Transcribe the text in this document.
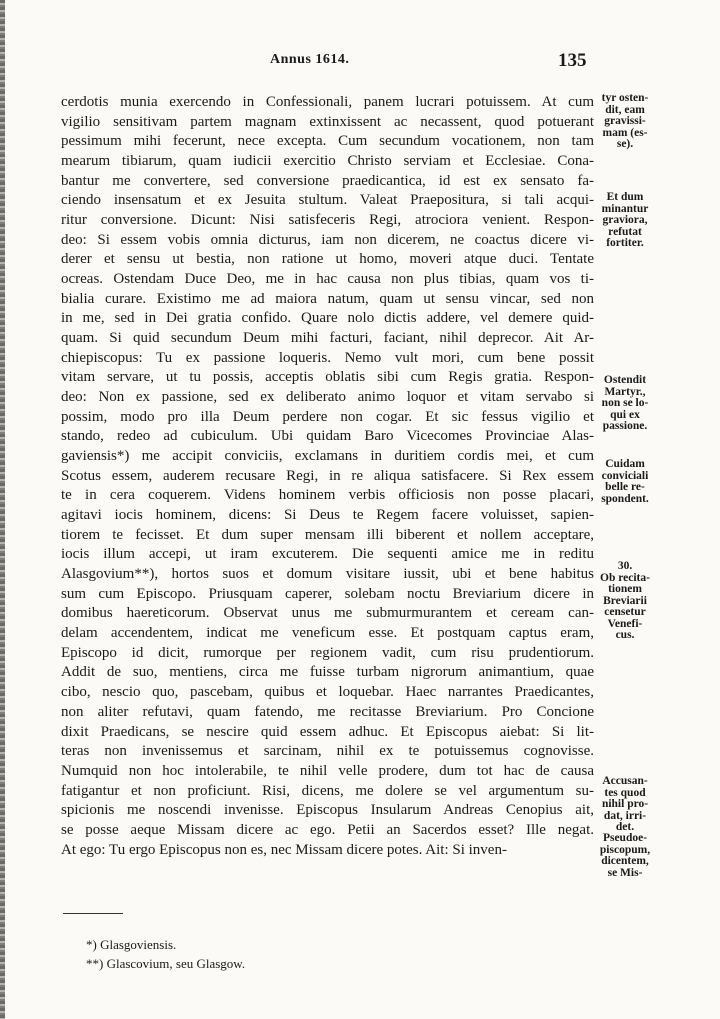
Annus 1614.	135
cerdotis munia exercendo in Confessionali, panem lucrari potuissem. At cum
vigilio sensitivam partem magnam extinxissent ac necassent, quod potuerant
pessimum mihi fecerunt, nece excepta. Cum secundum vocationem, non tam
mearum tibiarum, quam iudicii exercitio Christo serviam et Ecclesiae. Cona-
bantur me convertere, sed conversione praedicantica, id est ex sensato fa-
ciendo insensatum et ex Jesuita stultum. Valeat Praepositura, si tali acqui-
ritur conversione. Dicunt: Nisi satisfeceris Regi, atrociora venient. Respon-
deo: Si essem vobis omnia dicturus, iam non dicerem, ne coactus dicere vi-
derer et sensu ut bestia, non ratione ut homo, moveri atque duci. Tentate
ocreas. Ostendam Duce Deo, me in hac causa non plus tibias, quam vos ti-
bialia curare. Existimo me ad maiora natum, quam ut sensu vincar, sed non
in me, sed in Dei gratia confido. Quare nolo dictis addere, vel demere quid-
quam. Si quid secundum Deum mihi facturi, faciant, nihil deprecor. Ait Ar-
chiepiscopus: Tu ex passione loqueris. Nemo vult mori, cum bene possit
vitam servare, ut tu possis, acceptis oblatis sibi cum Regis gratia. Respon-
deo: Non ex passione, sed ex deliberato animo loquor et vitam servabo si
possim, modo pro illa Deum perdere non cogar. Et sic fessus vigilio et
stando, redeo ad cubiculum. Ubi quidam Baro Vicecomes Provinciae Alas-
gaviensis*) me accipit conviciis, exclamans in duritiem cordis mei, et cum
Scotus essem, auderem recusare Regi, in re aliqua satisfacere. Si Rex essem
te in cera coquerem. Videns hominem verbis officiosis non posse placari,
agitavi iocis hominem, dicens: Si Deus te Regem facere voluisset, sapien-
tiorem te fecisset. Et dum super mensam illi biberent et nollem acceptare,
iocis illum accepi, ut iram excuterem. Die sequenti amice me in reditu
Alasgovium**), hortos suos et domum visitare iussit, ubi et bene habitus
sum cum Episcopo. Priusquam caperer, solebam noctu Breviarium dicere in
domibus haereticorum. Observat unus me submurmurantem et ceream can-
delam accendentem, indicat me veneficum esse. Et postquam captus eram,
Episcopo id dicit, rumorque per regionem vadit, cum risu prudentiorum.
Addit de suo, mentiens, circa me fuisse turbam nigrorum animantium, quae
cibo, nescio quo, pascebam, quibus et loquebar. Haec narrantes Praedicantes,
non aliter refutavi, quam fatendo, me recitasse Breviarium. Pro Concione
dixit Praedicans, se nescire quid essem adhuc. Et Episcopus aiebat: Si lit-
teras non invenissemus et sarcinam, nihil ex te potuissemus cognovisse.
Numquid non hoc intolerabile, te nihil velle prodere, dum tot hac de causa
fatigantur et non proficiunt. Risi, dicens, me dolere se vel argumentum su-
spicionis me noscendi invenisse. Episcopus Insularum Andreas Cenopius ait,
se posse aeque Missam dicere ac ego. Petii an Sacerdos esset? Ille negat.
At ego: Tu ergo Episcopus non es, nec Missam dicere potes. Ait: Si inven-
tyr osten-
dit, eam
gravissi-
mam (es-
se).
Et dum
minantur
graviora,
refutat
fortiter.
Ostendit
Martyr.,
non se lo-
qui ex
passione.
Cuidam
conviciali
belle re-
spondent.
30.
Ob recita-
tionem
Breviarii
censetur
Venefi-
cus.
Accusan-
tes quod
nihil pro-
dat, irri-
det.
Pseudoe-
piscopum,
dicentem,
se Mis-
*) Glasgoviensis.
**) Glascovium, seu Glasgow.
